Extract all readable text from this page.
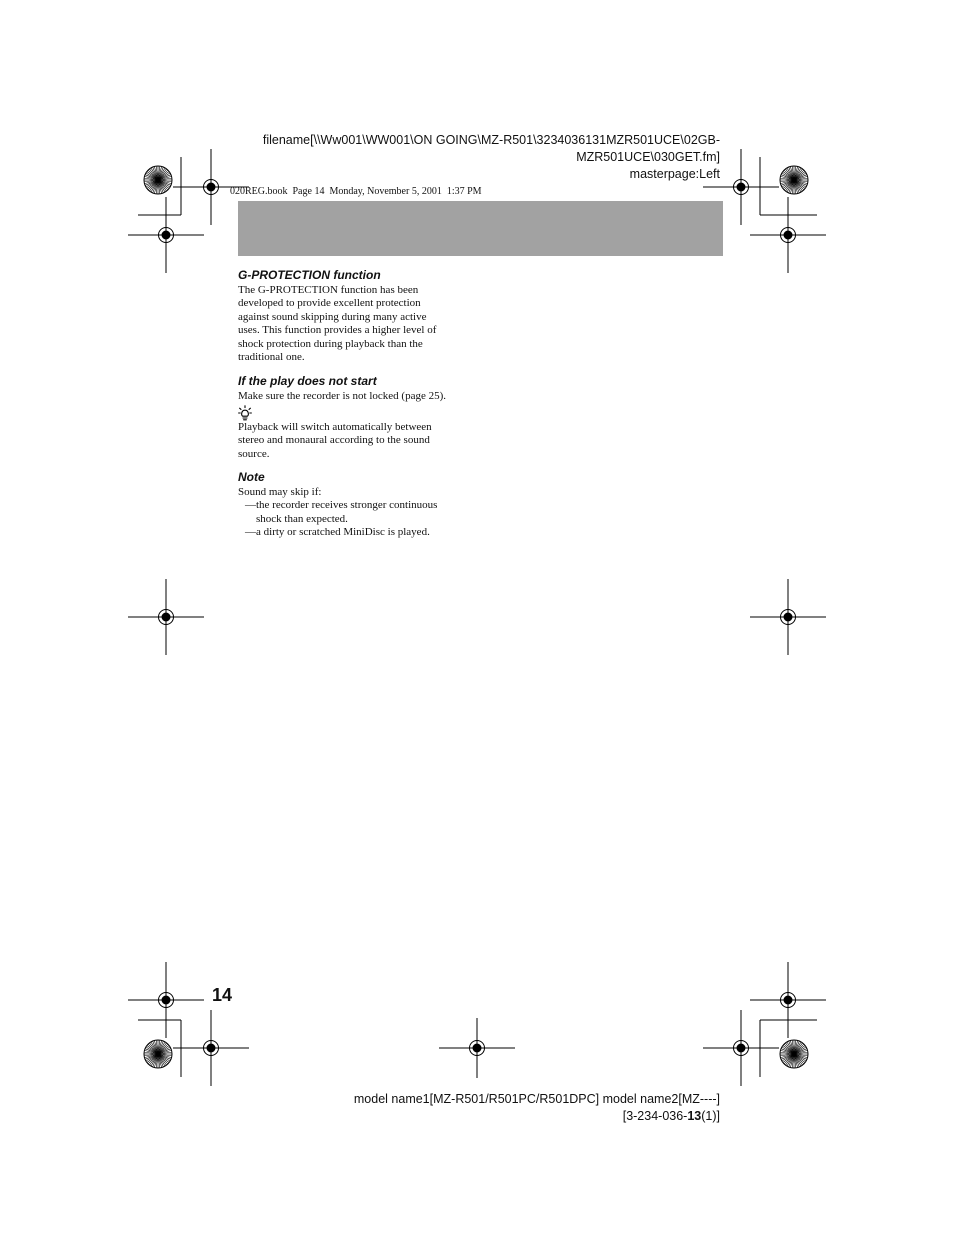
filename[\\Ww001\WW001\ON GOING\MZ-R501\3234036131MZR501UCE\02GB-
MZR501UCE\030GET.fm]
masterpage:Left
020REG.book  Page 14  Monday, November 5, 2001  1:37 PM
G-PROTECTION function

The G-PROTECTION function has been
developed to provide excellent protection
against sound skipping during many active
uses. This function provides a higher level of
shock protection during playback than the
traditional one.

If the play does not start

Make sure the recorder is not locked (page 25).

Playback will switch automatically between
stereo and monaural according to the sound
source.

Note

Sound may skip if:

—the recorder receives stronger continuous
shock than expected.

—a dirty or scratched MiniDisc is played.

14
model name1[MZ-R501/R501PC/R501DPC] model name2[MZ----]
[3-234-036-13(1)]
